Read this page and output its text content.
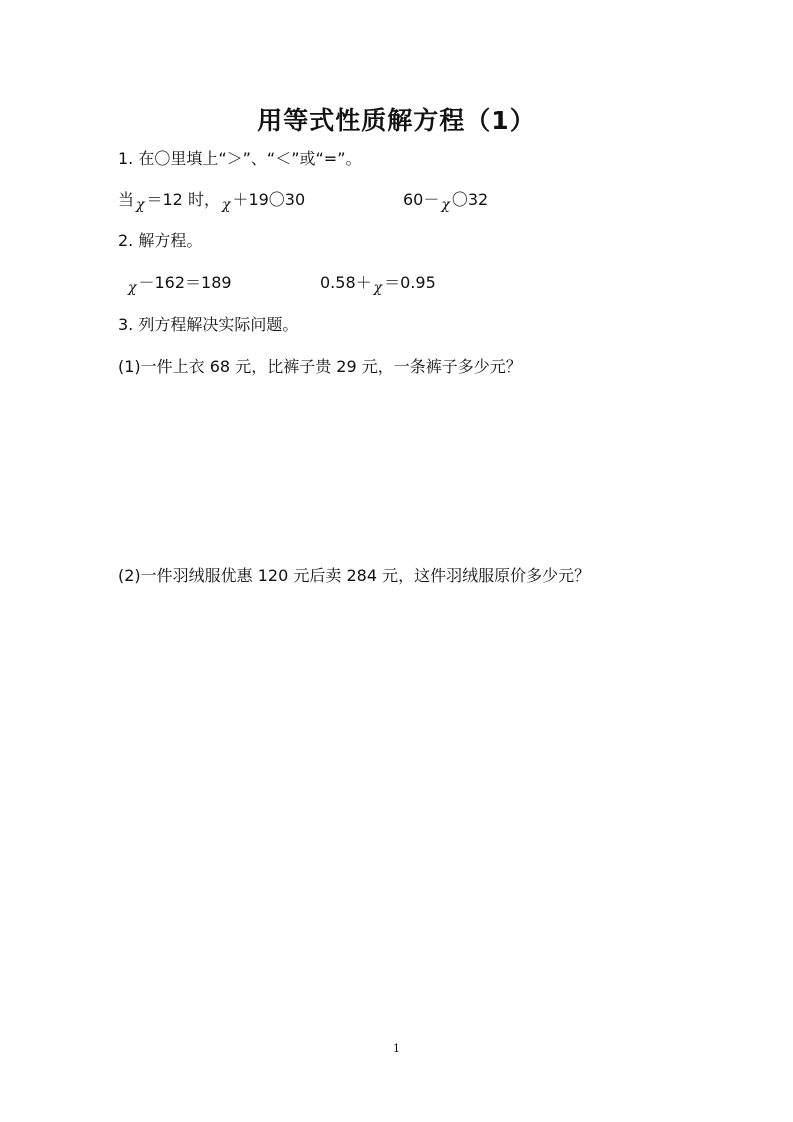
用等式性质解方程（1）
1. 在〇里填上“＞”、“＜”或“=”。
当 χ ＝12 时， χ ＋19〇30	60－ χ 〇32
2. 解方程。
χ －162＝189	0.58＋ χ ＝0.95
3. 列方程解决实际问题。
(1)一件上衣 68 元，比裤子贵 29 元，一条裤子多少元？
(2)一件羽绒服优惠 120 元后卖 284 元，这件羽绒服原价多少元？
1
